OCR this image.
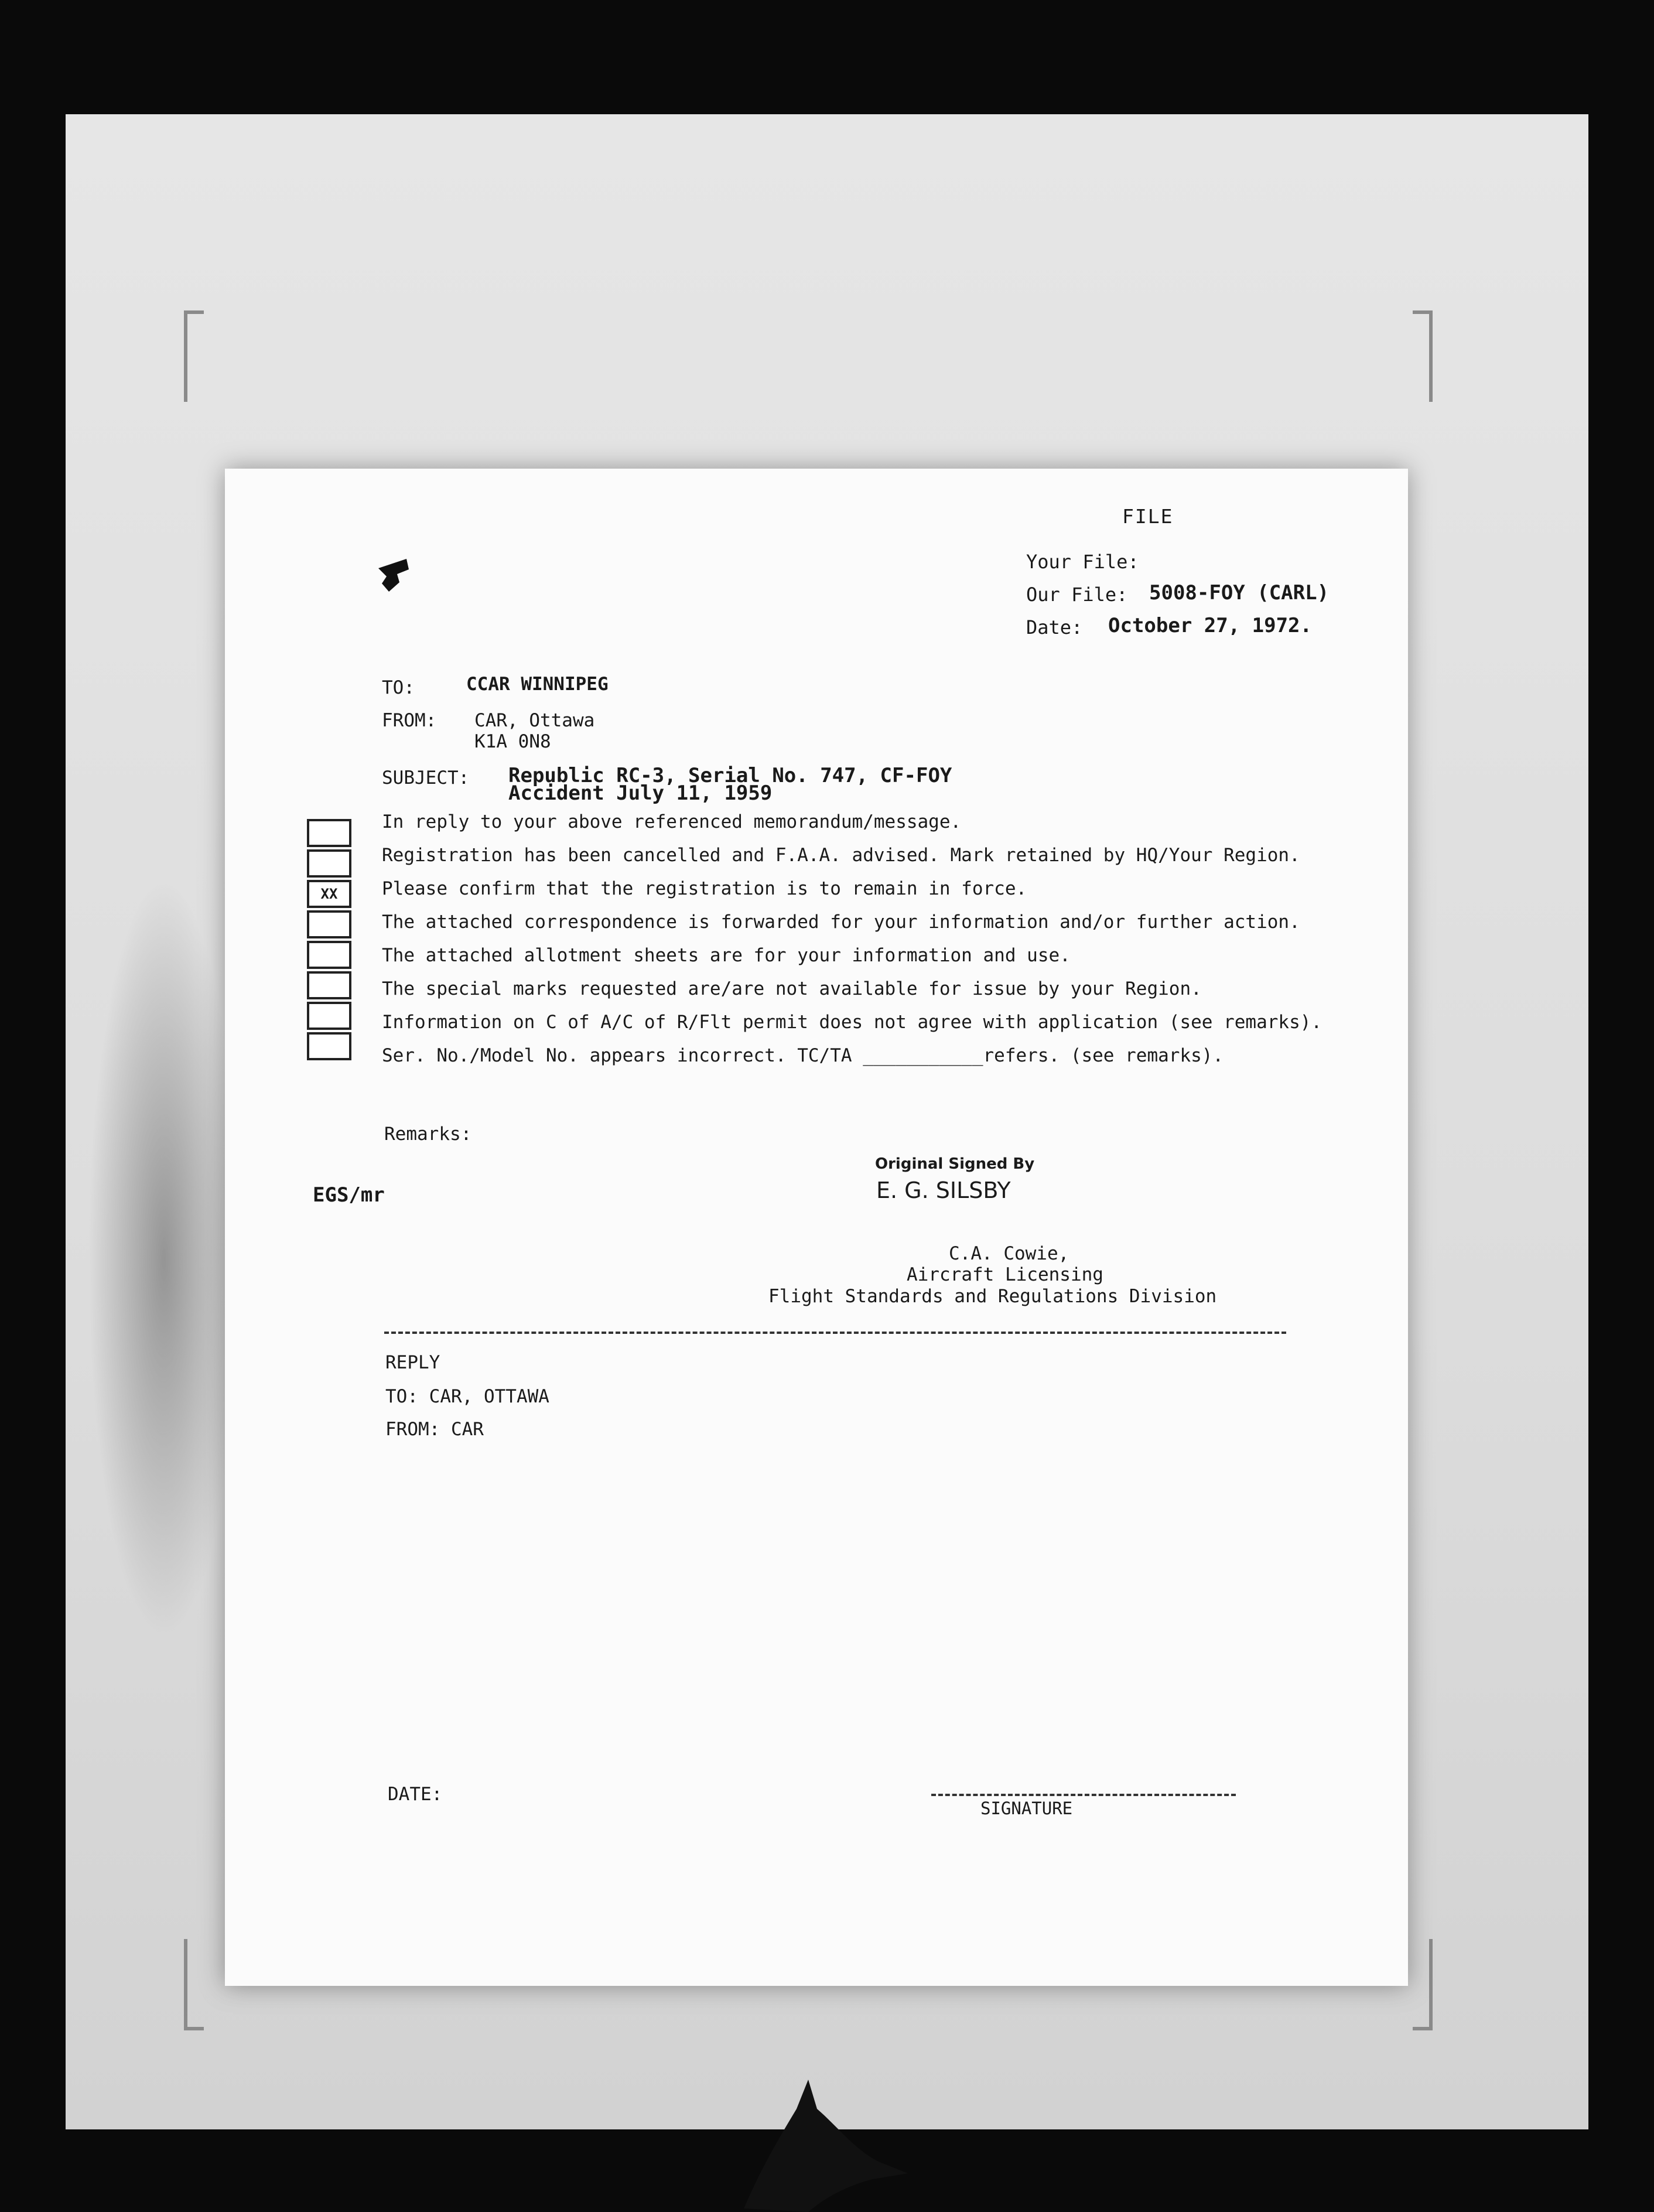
FILE
Your File:
Our File: 5008-FOY (CARL)
Date: October 27, 1972.
TO:	CCAR WINNIPEG
FROM: CAR, Ottawa
K1A 0N8
SUBJECT: Republic RC-3, Serial No. 747, CF-FOY
Accident July 11, 1959
In reply to your above referenced memorandum/message.
Registration has been cancelled and F.A.A. advised. Mark retained by HQ/Your Region.
XX	Please confirm that the registration is to remain in force.
The attached correspondence is forwarded for your information and/or further action.
The attached allotment sheets are for your information and use.
The special marks requested are/are not available for issue by your Region.
Information on C of A/C of R/Flt permit does not agree with application (see remarks).
Ser. No./Model No. appears incorrect. TC/TA ___________refers. (see remarks).
Remarks:
EGS/mr
Original Signed By
E. G. SILSBY
C.A. Cowie,
Aircraft Licensing
Flight Standards and Regulations Division
REPLY
TO: CAR, OTTAWA
FROM: CAR
DATE:
SIGNATURE
